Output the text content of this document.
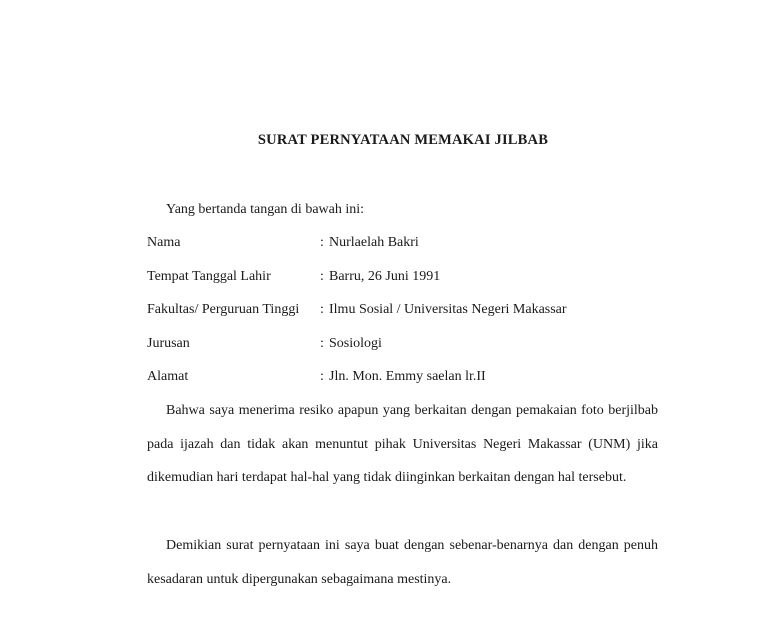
SURAT PERNYATAAN MEMAKAI JILBAB
Yang bertanda tangan di bawah ini:
Nama	: Nurlaelah Bakri
Tempat Tanggal Lahir	: Barru, 26 Juni 1991
Fakultas/ Perguruan Tinggi	: Ilmu Sosial / Universitas Negeri Makassar
Jurusan	: Sosiologi
Alamat	: Jln. Mon. Emmy saelan lr.II

Bahwa saya menerima resiko apapun yang berkaitan dengan pemakaian foto berjilbab pada ijazah dan tidak akan menuntut pihak Universitas Negeri Makassar (UNM) jika dikemudian hari terdapat hal-hal yang tidak diinginkan berkaitan dengan hal tersebut.

Demikian surat pernyataan ini saya buat dengan sebenar-benarnya dan dengan penuh kesadaran untuk dipergunakan sebagaimana mestinya.
